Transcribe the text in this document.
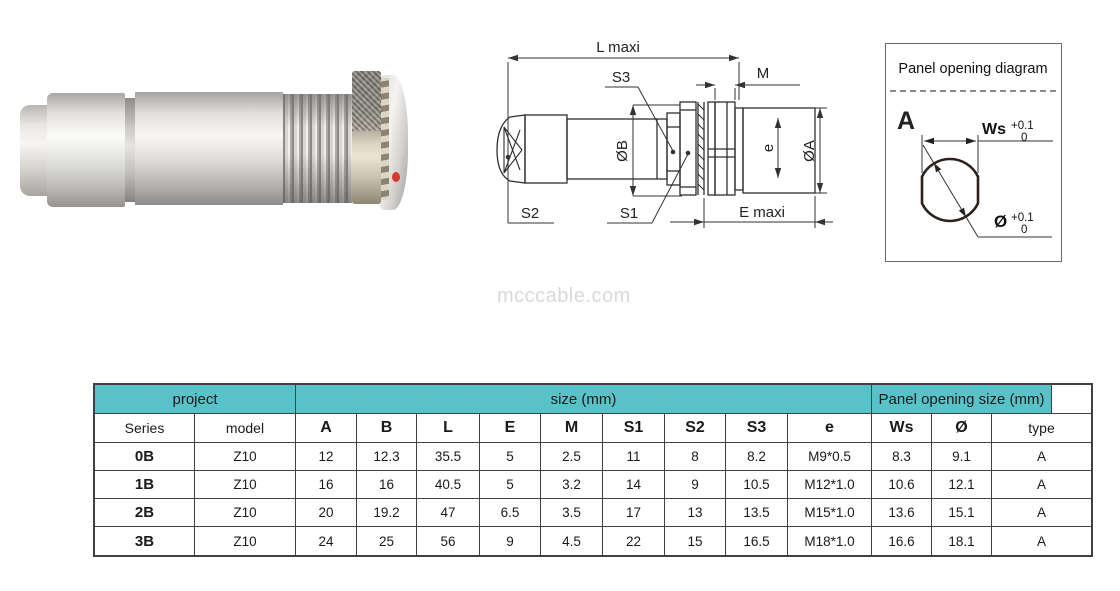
L maxi
S3	M
ØB	e ØA
S2	S1	E maxi
Panel opening diagram
A	Ws +0.1
0
Ø +0.1
0
mcccable.com
project	size (mm)	Panel opening size (mm)
Series	model	A	B	L	E	M	S1	S2	S3	e	Ws	Ø	type
0B	Z10	12	12.3	35.5	5	2.5	11	8	8.2	M9*0.5	8.3	9.1	A
1B	Z10	16	16	40.5	5	3.2	14	9	10.5	M12*1.0	10.6	12.1	A
2B	Z10	20	19.2	47	6.5	3.5	17	13	13.5	M15*1.0	13.6	15.1	A
3B	Z10	24	25	56	9	4.5	22	15	16.5	M18*1.0	16.6	18.1	A
